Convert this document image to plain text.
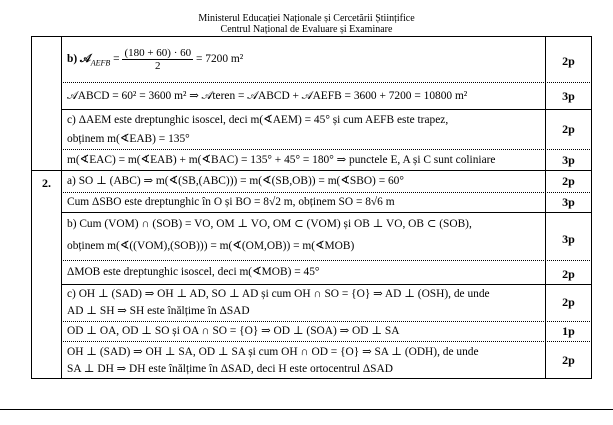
Ministerul Educației Naționale și Cercetării Științifice
Centrul Național de Evaluare și Examinare
2.
2p
3p
2p
3p
2p
3p
3p
2p
2p
1p
2p
b) 𝒜$_{AEFB}$ = $\frac{(180 + 60) \cdot 60}{2} = 7200$ m²
𝒜ABCD = 60² = 3600 m² ⇒ 𝒜teren = 𝒜ABCD + 𝒜AEFB = 3600 + 7200 = 10800 m²
c) ΔAEM este dreptunghic isoscel, deci m(∢AEM) = 45° și cum AEFB este trapez,
obținem m(∢EAB) = 135°
m(∢EAC) = m(∢EAB) + m(∢BAC) = 135° + 45° = 180° ⇒ punctele E, A și C sunt coliniare
a) SO ⊥ (ABC) ⇒ m(∢(SB,(ABC))) = m(∢(SB,OB)) = m(∢SBO) = 60°
Cum ΔSBO este dreptunghic în O și BO = 8√2 m, obținem SO = 8√6 m
b) Cum (VOM) ∩ (SOB) = VO, OM ⊥ VO, OM ⊂ (VOM) și OB ⊥ VO, OB ⊂ (SOB),
obținem m(∢((VOM),(SOB))) = m(∢(OM,OB)) = m(∢MOB)
ΔMOB este dreptunghic isoscel, deci m(∢MOB) = 45°
c) OH ⊥ (SAD) ⇒ OH ⊥ AD, SO ⊥ AD și cum OH ∩ SO = {O} ⇒ AD ⊥ (OSH), de unde
AD ⊥ SH ⇒ SH este înălțime în ΔSAD
OD ⊥ OA, OD ⊥ SO și OA ∩ SO = {O} ⇒ OD ⊥ (SOA) ⇒ OD ⊥ SA
OH ⊥ (SAD) ⇒ OH ⊥ SA, OD ⊥ SA și cum OH ∩ OD = {O} ⇒ SA ⊥ (ODH), de unde
SA ⊥ DH ⇒ DH este înălțime în ΔSAD, deci H este ortocentrul ΔSAD
